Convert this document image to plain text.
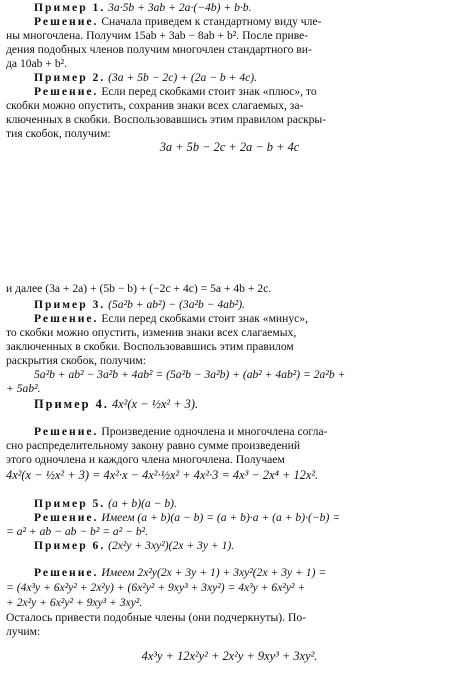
Пример 1. 3a·5b + 3ab + 2a·(−4b) + b·b.
Решение. Сначала приведем к стандартному виду чле-
ны многочлена. Получим 15ab + 3ab − 8ab + b². После приве-
дения подобных членов получим многочлен стандартного ви-
да 10ab + b².
Пример 2. (3a + 5b − 2c) + (2a − b + 4c).
Решение. Если перед скобками стоит знак «плюс», то
скобки можно опустить, сохранив знаки всех слагаемых, за-
ключенных в скобки. Воспользовавшись этим правилом раскры-
тия скобок, получим:
3a + 5b − 2c + 2a − b + 4c
и далее (3a + 2a) + (5b − b) + (−2c + 4c) = 5a + 4b + 2c.
Пример 3. (5a²b + ab²) − (3a²b − 4ab²).
Решение. Если перед скобками стоит знак «минус»,
то скобки можно опустить, изменив знаки всех слагаемых,
заключенных в скобки. Воспользовавшись этим правилом
раскрытия скобок, получим:
5a²b + ab² − 3a²b + 4ab² = (5a²b − 3a²b) + (ab² + 4ab²) = 2a²b +
+ 5ab².
Пример 4. 4x²(x − ½x² + 3).
Решение. Произведение одночлена и многочлена согла-
сно распределительному закону равно сумме произведений
этого одночлена и каждого члена многочлена. Получаем
4x²(x − ½x² + 3) = 4x²·x − 4x²·½x² + 4x²·3 = 4x³ − 2x⁴ + 12x².
Пример 5. (a + b)(a − b).
Решение. Имеем (a + b)(a − b) = (a + b)·a + (a + b)·(−b) =
= a² + ab − ab − b² = a² − b².
Пример 6. (2x²y + 3xy²)(2x + 3y + 1).
Решение. Имеем 2x²y(2x + 3y + 1) + 3xy²(2x + 3y + 1) =
= (4x³y + 6x²y² + 2x²y) + (6x²y² + 9xy³ + 3xy²) = 4x³y + 6x²y² +
+ 2x²y + 6x²y² + 9xy³ + 3xy².
Осталось привести подобные члены (они подчеркнуты). По-
лучим:
4x³y + 12x²y² + 2x²y + 9xy³ + 3xy².
